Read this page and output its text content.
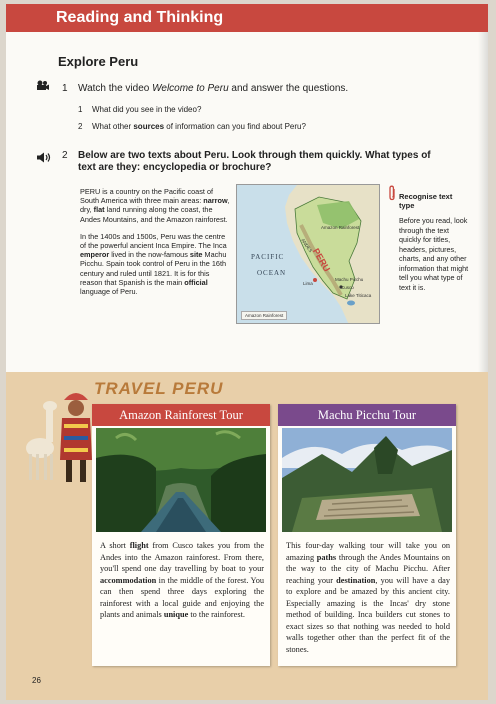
Reading and Thinking
Explore Peru
1 Watch the video Welcome to Peru and answer the questions.
1 What did you see in the video?
2 What other sources of information can you find about Peru?
2 Below are two texts about Peru. Look through them quickly. What types of text are they: encyclopedia or brochure?

PERU is a country on the Pacific coast of South America with three main areas: narrow, dry, flat land running along the coast, the Andes Mountains, and the Amazon rainforest.

In the 1400s and 1500s, Peru was the centre of the powerful ancient Inca Empire. The Inca emperor lived in the now-famous site Machu Picchu. Spain took control of Peru in the 16th century and ruled until 1821. It is for this reason that Spanish is the main official language of Peru.

PACIFIC
OCEAN	PERU
Amazon Rainforest
ANDES
Lima
Machu Picchu
Cusco
Lake Titicaca
Amazon Rainforest
Recognise text type
Before you read, look through the text quickly for titles, headers, pictures, charts, and any other information that might tell you what type of text it is.
TRAVEL PERU
Amazon Rainforest Tour
A short flight from Cusco takes you from the Andes into the Amazon rainforest. From there, you'll spend one day travelling by boat to your accommodation in the middle of the forest. You can then spend three days exploring the rainforest with a local guide and enjoying the plants and animals unique to the rainforest.
Machu Picchu Tour
This four-day walking tour will take you on amazing paths through the Andes Mountains on the way to the city of Machu Picchu. After reaching your destination, you will have a day to explore and be amazed by this ancient city. Especially amazing is the Incas' dry stone method of building. Inca builders cut stones to exact sizes so that nothing was needed to hold walls together other than the perfect fit of the stones.
26
